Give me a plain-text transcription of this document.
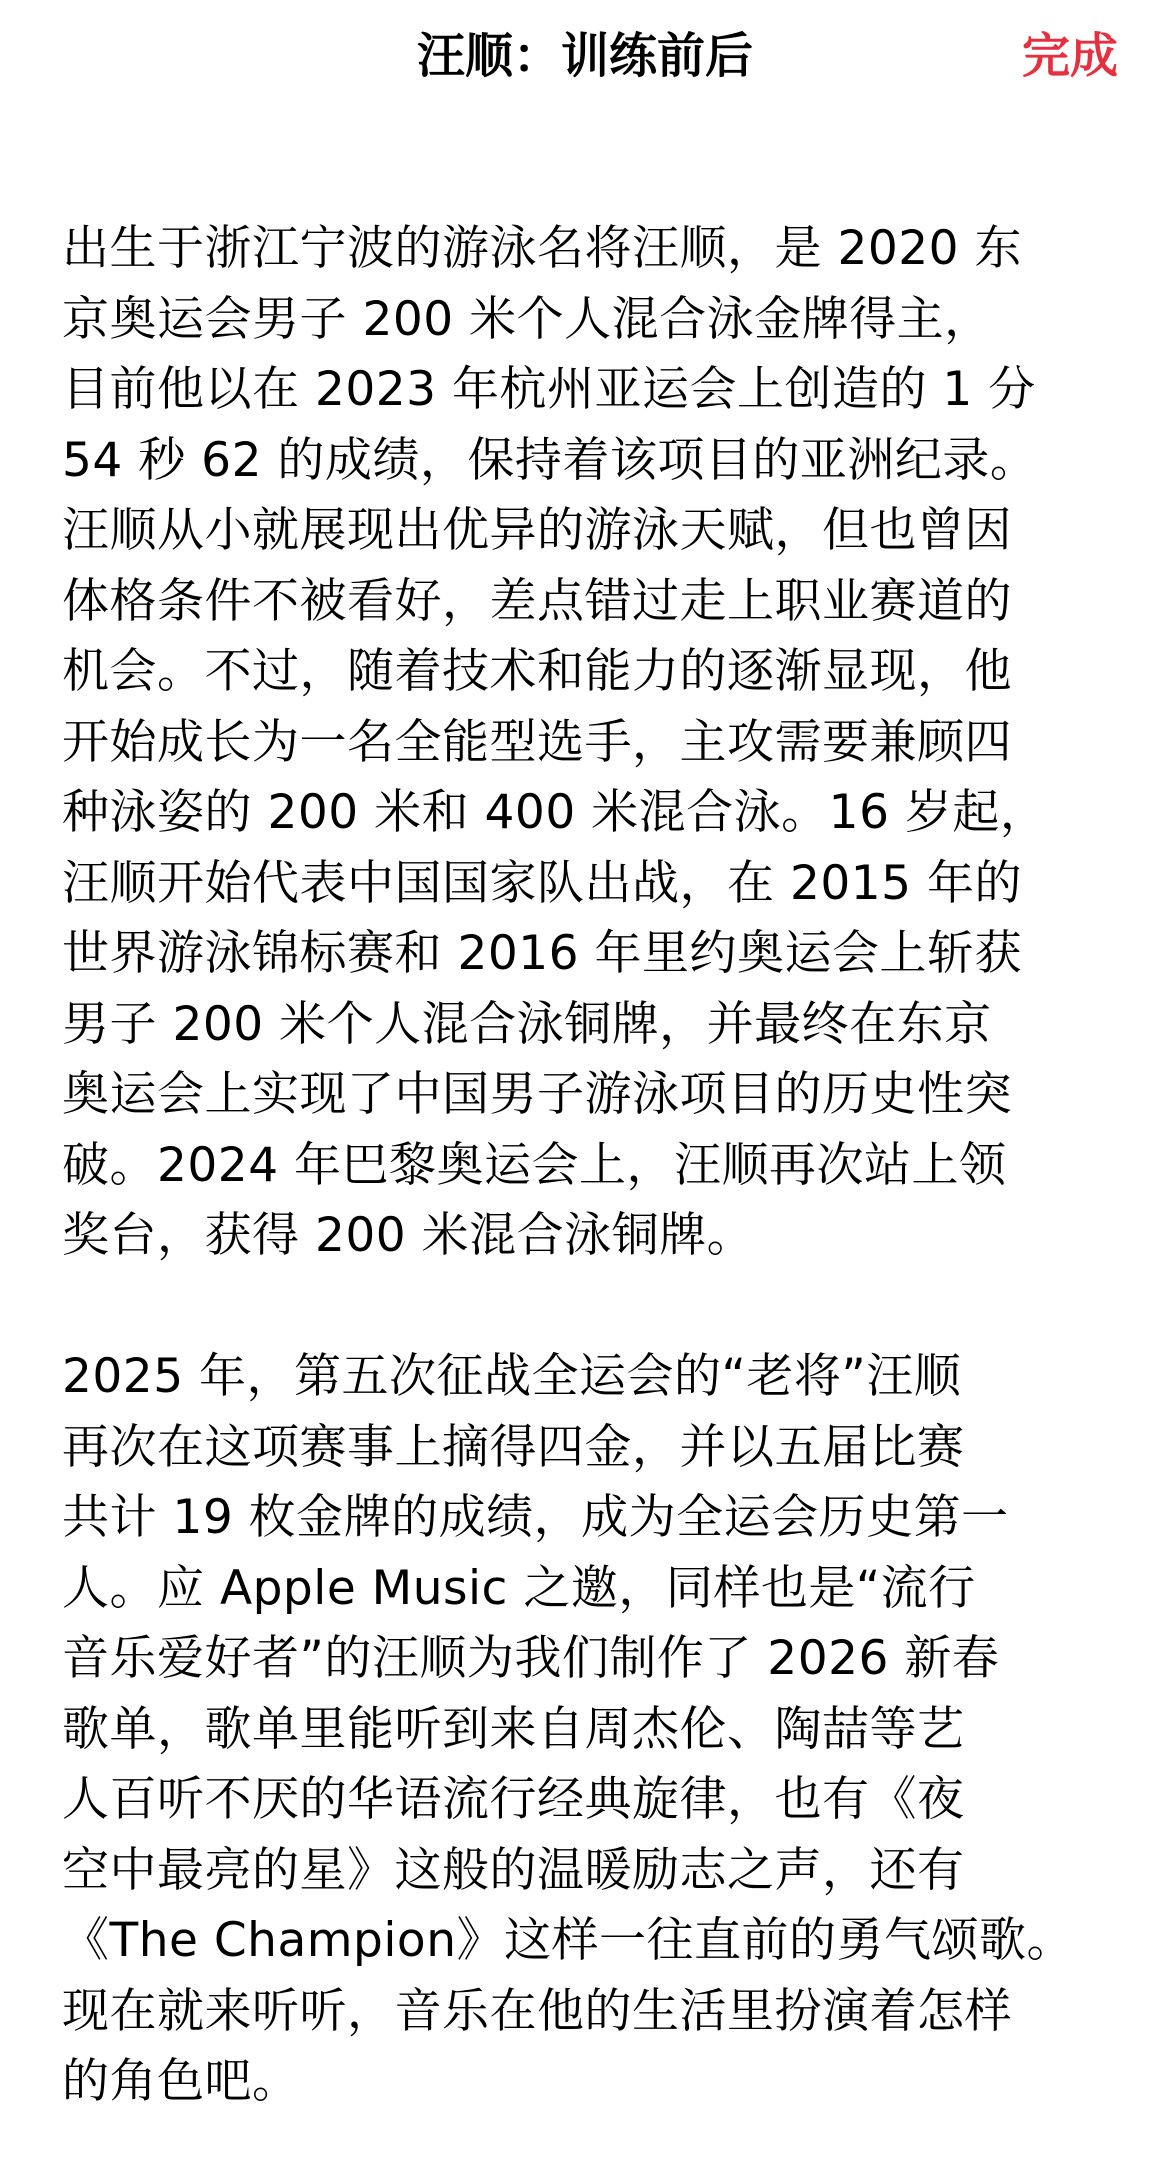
汪顺：训练前后	完成
出生于浙江宁波的游泳名将汪顺，是 2020 东
京奥运会男子 200 米个人混合泳金牌得主，
目前他以在 2023 年杭州亚运会上创造的 1 分
54 秒 62 的成绩，保持着该项目的亚洲纪录。
汪顺从小就展现出优异的游泳天赋，但也曾因
体格条件不被看好，差点错过走上职业赛道的
机会。不过，随着技术和能力的逐渐显现，他
开始成长为一名全能型选手，主攻需要兼顾四
种泳姿的 200 米和 400 米混合泳。16 岁起，
汪顺开始代表中国国家队出战，在 2015 年的
世界游泳锦标赛和 2016 年里约奥运会上斩获
男子 200 米个人混合泳铜牌，并最终在东京
奥运会上实现了中国男子游泳项目的历史性突
破。2024 年巴黎奥运会上，汪顺再次站上领
奖台，获得 200 米混合泳铜牌。
2025 年，第五次征战全运会的“老将”汪顺
再次在这项赛事上摘得四金，并以五届比赛
共计 19 枚金牌的成绩，成为全运会历史第一
人。应 Apple Music 之邀，同样也是“流行
音乐爱好者”的汪顺为我们制作了 2026 新春
歌单，歌单里能听到来自周杰伦、陶喆等艺
人百听不厌的华语流行经典旋律，也有《夜
空中最亮的星》这般的温暖励志之声，还有
《The Champion》这样一往直前的勇气颂歌。
现在就来听听，音乐在他的生活里扮演着怎样
的角色吧。
